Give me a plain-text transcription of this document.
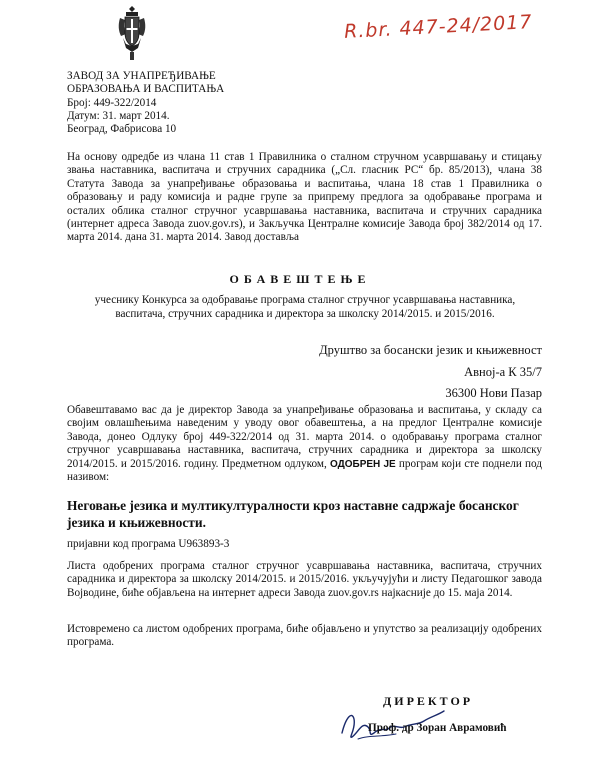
R.br. 447-24/2017
ЗАВОД ЗА УНАПРЕЂИВАЊЕ
ОБРАЗОВАЊА И ВАСПИТАЊА
Број: 449-322/2014
Датум: 31. март 2014.
Београд, Фабрисова 10
На основу одредбе из члана 11 став 1 Правилника о сталном стручном усавршавању и стицању звања наставника, васпитача и стручних сарадника („Сл. гласник РС“ бр. 85/2013), члана 38 Статута Завода за унапређивање образовања и васпитања, члана 18 став 1 Правилника о образовању и раду комисија и радне групе за припрему предлога за одобравање програма и осталих облика сталног стручног усавршавања наставника, васпитача и стручних сарадника (интернет адреса Завода zuov.gov.rs), и Закључка Централне комисије Завода број 382/2014 од 17. марта 2014. дана 31. марта 2014. Завод доставља
ОБАВЕШТЕЊЕ
учеснику Конкурса за одобравање програма сталног стручног усавршавања наставника, васпитача, стручних сарадника и директора за школску 2014/2015. и 2015/2016.
Друштво за босански језик и књижевност
Авној-а К 35/7
36300 Нови Пазар
Обавештавамо вас да је директор Завода за унапређивање образовања и васпитања, у складу са својим овлашћењима наведеним у уводу овог обавештења, а на предлог Централне комисије Завода, донео Одлуку број 449-322/2014 од 31. марта 2014. о одобравању програма сталног стручног усавршавања наставника, васпитача, стручних сарадника и директора за школску 2014/2015. и 2015/2016. годину. Предметном одлуком, ОДОБРЕН ЈЕ програм који сте поднели под називом:
Неговање језика и мултикултуралности кроз наставне садржаје босанског језика и књижевности.
пријавни код програма U963893-3
Листа одобрених програма сталног стручног усавршавања наставника, васпитача, стручних сарадника и директора за школску 2014/2015. и 2015/2016. укључујући и листу Педагошког завода Војводине, биће објављена на интернет адреси Завода zuov.gov.rs најкасније до 15. маја 2014.
Истовремено са листом одобрених програма, биће објављено и упутство за реализацију одобрених програма.
ДИРЕКТОР
Проф. др Зоран Аврамовић
